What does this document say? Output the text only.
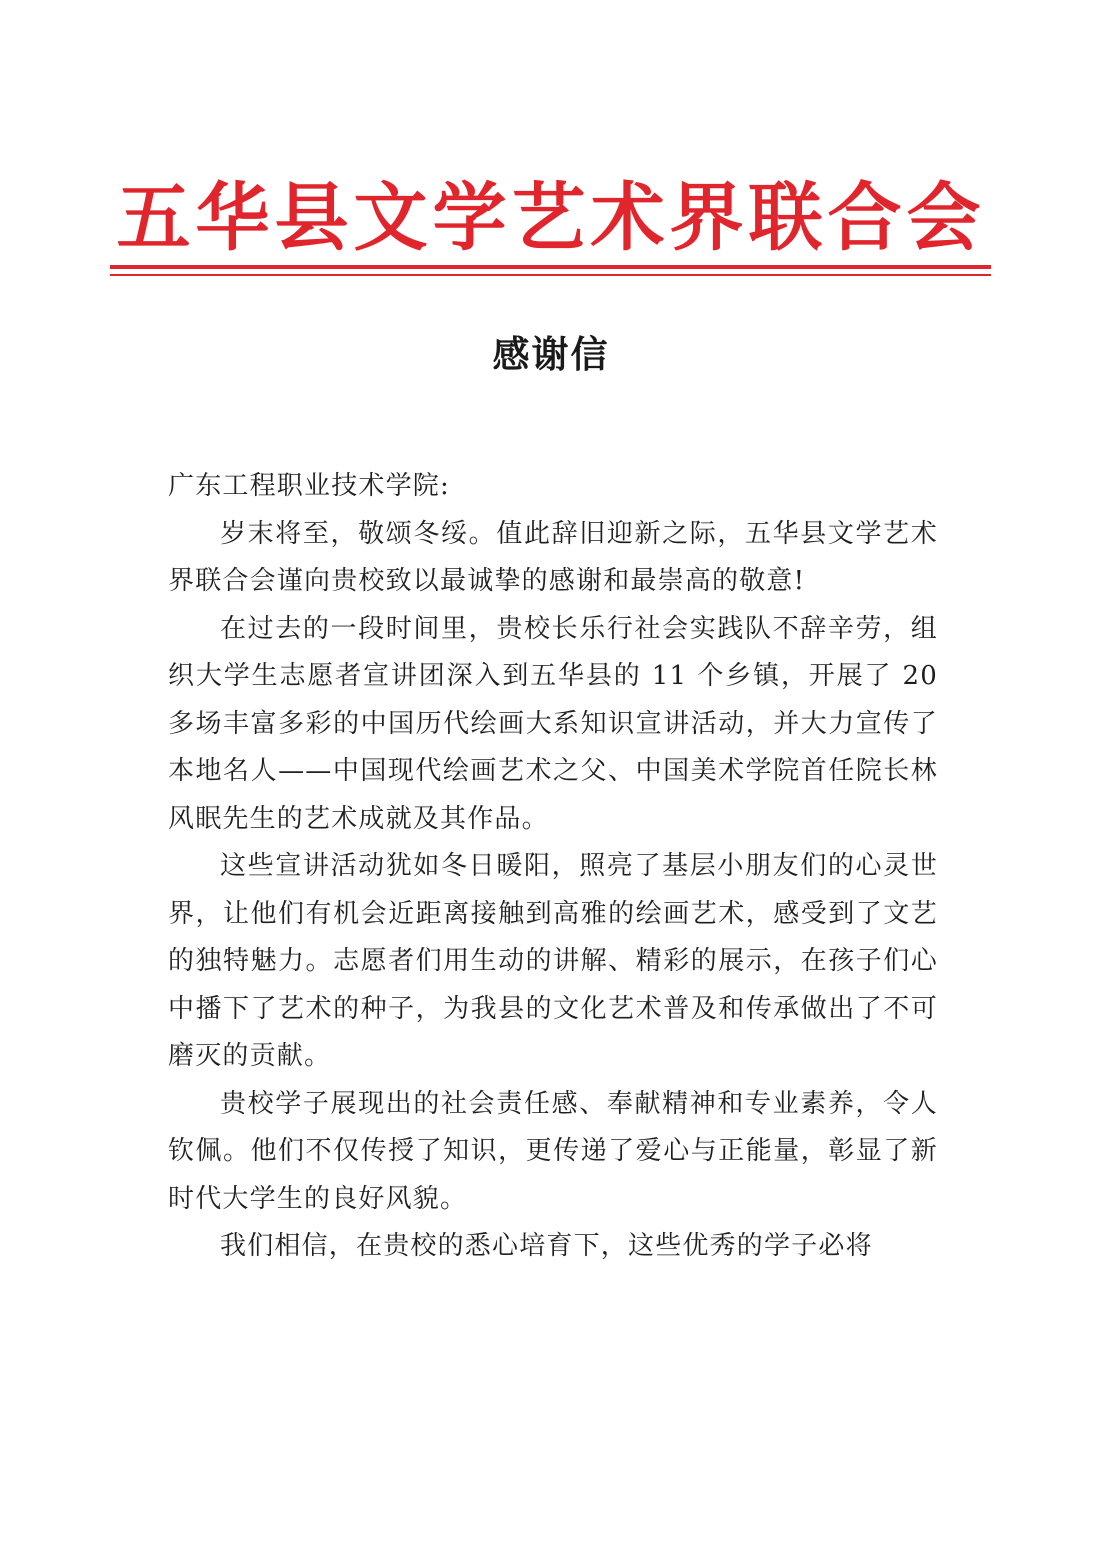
五华县文学艺术界联合会
感谢信

广东工程职业技术学院:

岁末将至，敬颂冬绥。值此辞旧迎新之际，五华县文学艺术界联合会谨向贵校致以最诚挚的感谢和最崇高的敬意!

在过去的一段时间里，贵校长乐行社会实践队不辞辛劳，组织大学生志愿者宣讲团深入到五华县的 11 个乡镇，开展了 20 多场丰富多彩的中国历代绘画大系知识宣讲活动，并大力宣传了本地名人——中国现代绘画艺术之父、中国美术学院首任院长林风眠先生的艺术成就及其作品。

这些宣讲活动犹如冬日暖阳，照亮了基层小朋友们的心灵世界，让他们有机会近距离接触到高雅的绘画艺术，感受到了文艺的独特魅力。志愿者们用生动的讲解、精彩的展示，在孩子们心中播下了艺术的种子，为我县的文化艺术普及和传承做出了不可磨灭的贡献。

贵校学子展现出的社会责任感、奉献精神和专业素养，令人钦佩。他们不仅传授了知识，更传递了爱心与正能量，彰显了新时代大学生的良好风貌。

我们相信，在贵校的悉心培育下，这些优秀的学子必将
